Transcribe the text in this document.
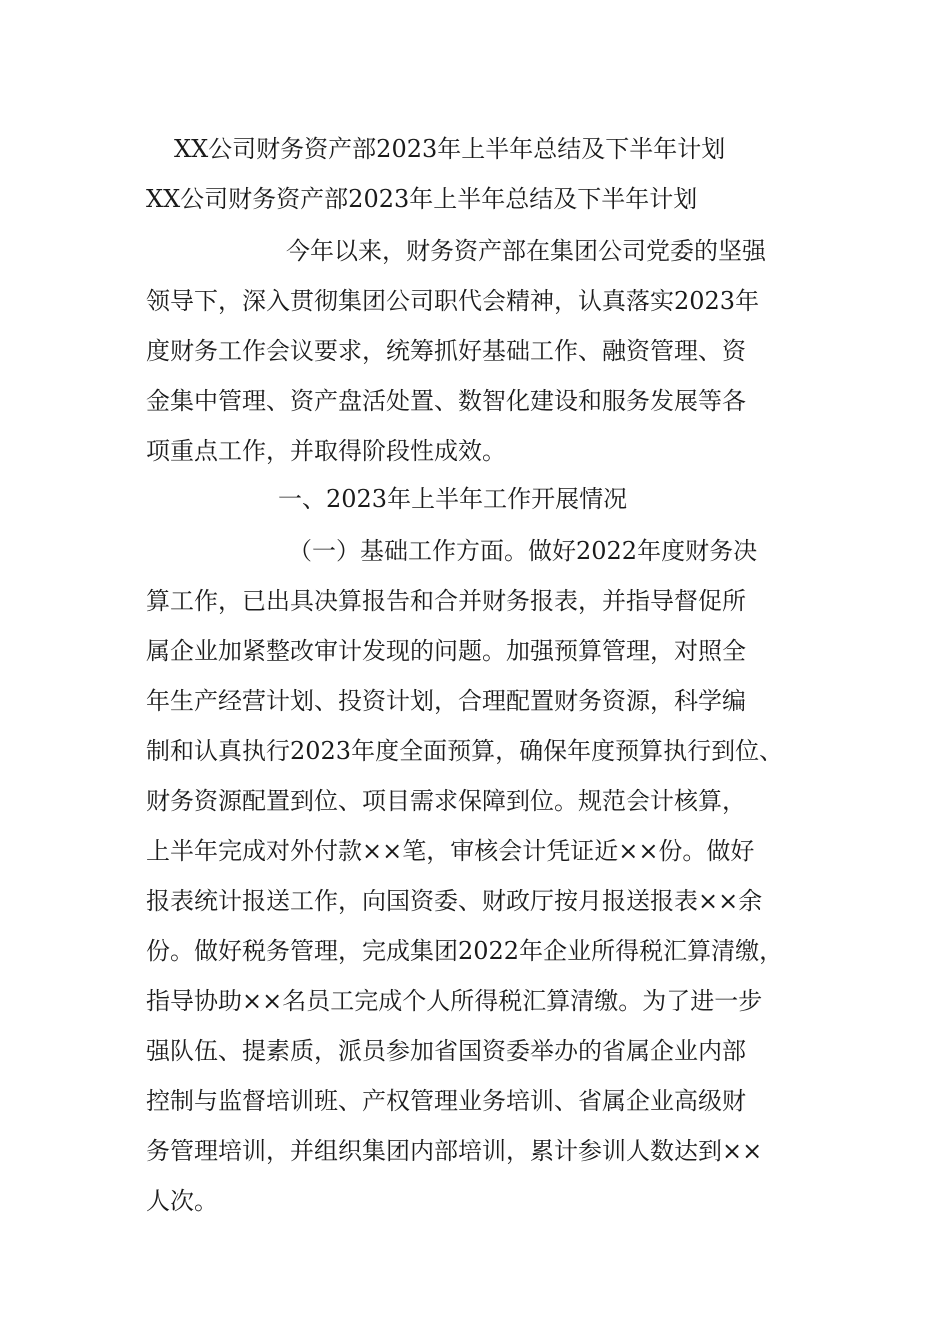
XX公司财务资产部2023年上半年总结及下半年计划
XX公司财务资产部2023年上半年总结及下半年计划
今年以来，财务资产部在集团公司党委的坚强
领导下，深入贯彻集团公司职代会精神，认真落实2023年
度财务工作会议要求，统筹抓好基础工作、融资管理、资
金集中管理、资产盘活处置、数智化建设和服务发展等各
项重点工作，并取得阶段性成效。
一、2023年上半年工作开展情况
（一）基础工作方面。做好2022年度财务决
算工作，已出具决算报告和合并财务报表，并指导督促所
属企业加紧整改审计发现的问题。加强预算管理，对照全
年生产经营计划、投资计划，合理配置财务资源，科学编
制和认真执行2023年度全面预算，确保年度预算执行到位、
财务资源配置到位、项目需求保障到位。规范会计核算，
上半年完成对外付款××笔，审核会计凭证近××份。做好
报表统计报送工作，向国资委、财政厅按月报送报表××余
份。做好税务管理，完成集团2022年企业所得税汇算清缴，
指导协助××名员工完成个人所得税汇算清缴。为了进一步
强队伍、提素质，派员参加省国资委举办的省属企业内部
控制与监督培训班、产权管理业务培训、省属企业高级财
务管理培训，并组织集团内部培训，累计参训人数达到××
人次。
